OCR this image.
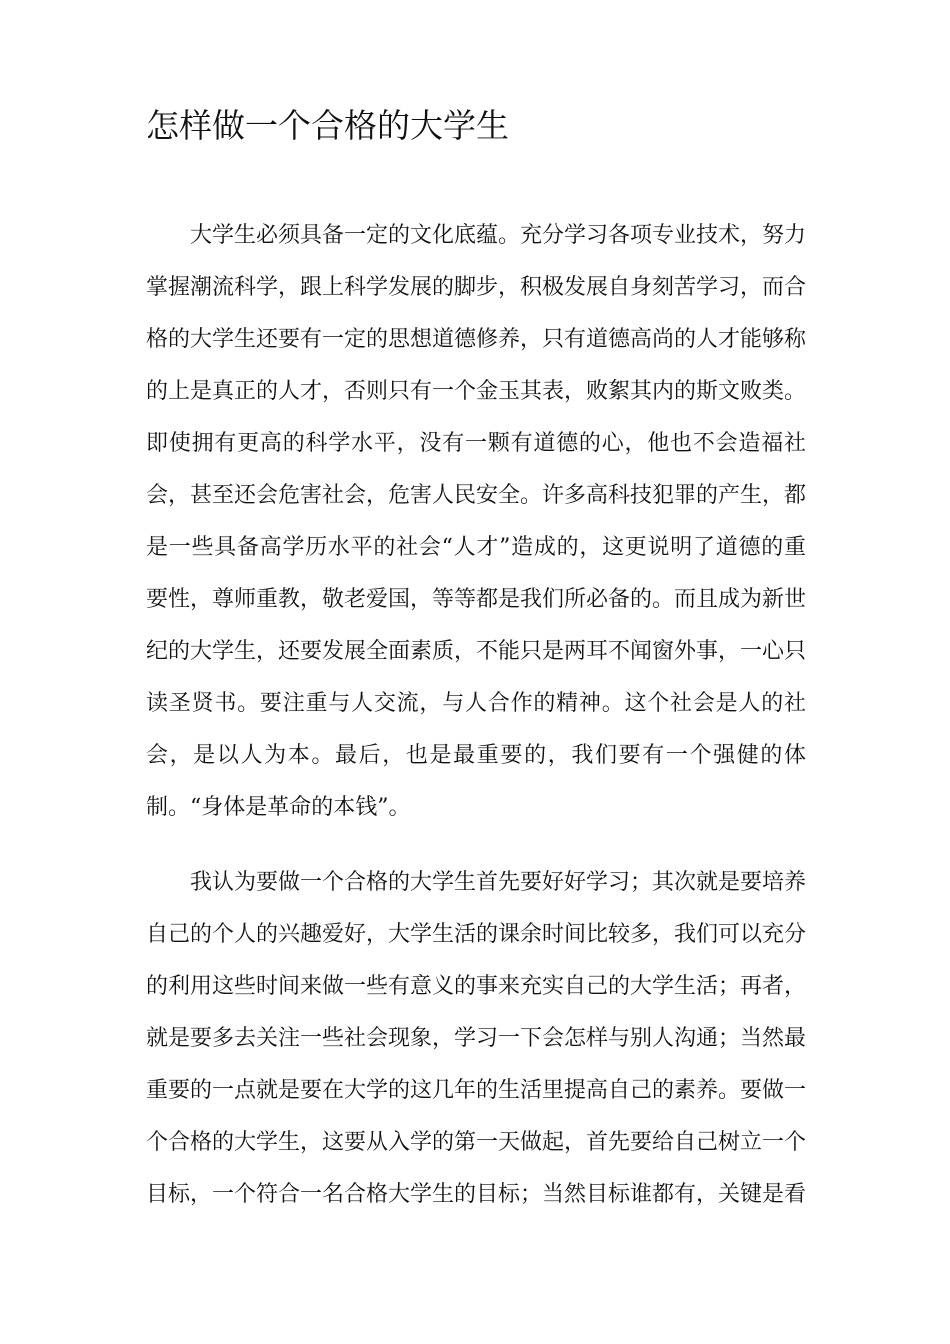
怎样做一个合格的大学生

大学生必须具备一定的文化底蕴。充分学习各项专业技术，努力掌握潮流科学，跟上科学发展的脚步，积极发展自身刻苦学习，而合格的大学生还要有一定的思想道德修养，只有道德高尚的人才能够称的上是真正的人才，否则只有一个金玉其表，败絮其内的斯文败类。即使拥有更高的科学水平，没有一颗有道德的心，他也不会造福社会，甚至还会危害社会，危害人民安全。许多高科技犯罪的产生，都是一些具备高学历水平的社会“人才”造成的，这更说明了道德的重要性，尊师重教，敬老爱国，等等都是我们所必备的。而且成为新世纪的大学生，还要发展全面素质，不能只是两耳不闻窗外事，一心只读圣贤书。要注重与人交流，与人合作的精神。这个社会是人的社会，是以人为本。最后，也是最重要的，我们要有一个强健的体制。“身体是革命的本钱”。

我认为要做一个合格的大学生首先要好好学习；其次就是要培养自己的个人的兴趣爱好，大学生活的课余时间比较多，我们可以充分的利用这些时间来做一些有意义的事来充实自己的大学生活；再者，就是要多去关注一些社会现象，学习一下会怎样与别人沟通；当然最重要的一点就是要在大学的这几年的生活里提高自己的素养。要做一个合格的大学生，这要从入学的第一天做起，首先要给自己树立一个目标，一个符合一名合格大学生的目标；当然目标谁都有，关键是看
